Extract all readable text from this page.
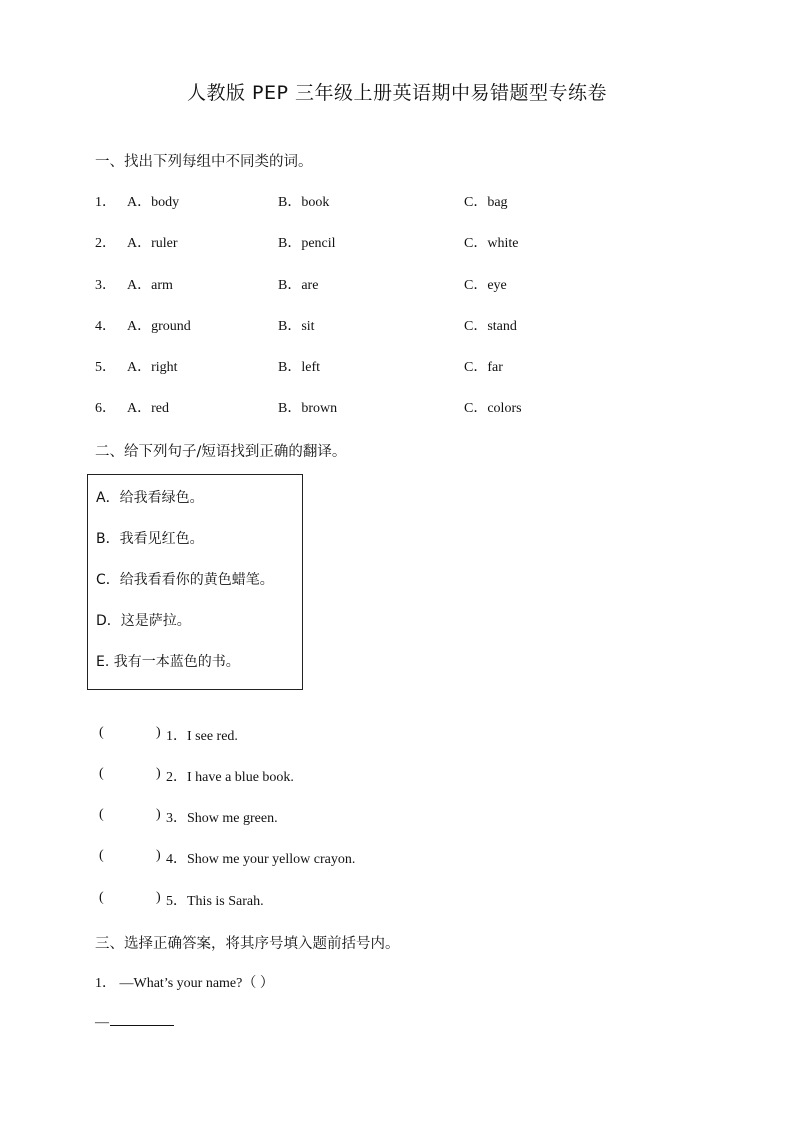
人教版 PEP 三年级上册英语期中易错题型专练卷
一、找出下列每组中不同类的词。
1． A．body	B．book	C．bag
2． A．ruler	B．pencil	C．white
3． A．arm	B．are	C．eye
4． A．ground	B．sit	C．stand
5． A．right	B．left	C．far
6． A．red	B．brown	C．colors
二、给下列句子/短语找到正确的翻译。
A．给我看绿色。
B．我看见红色。
C．给我看看你的黄色蜡笔。
D．这是萨拉。
E. 我有一本蓝色的书。
(	) 1．I see red.
(	) 2．I have a blue book.
(	) 3．Show me green.
(	) 4．Show me your yellow crayon.
(	) 5．This is Sarah.
三、选择正确答案，将其序号填入题前括号内。
1． —What’s your name?（ ）
—
